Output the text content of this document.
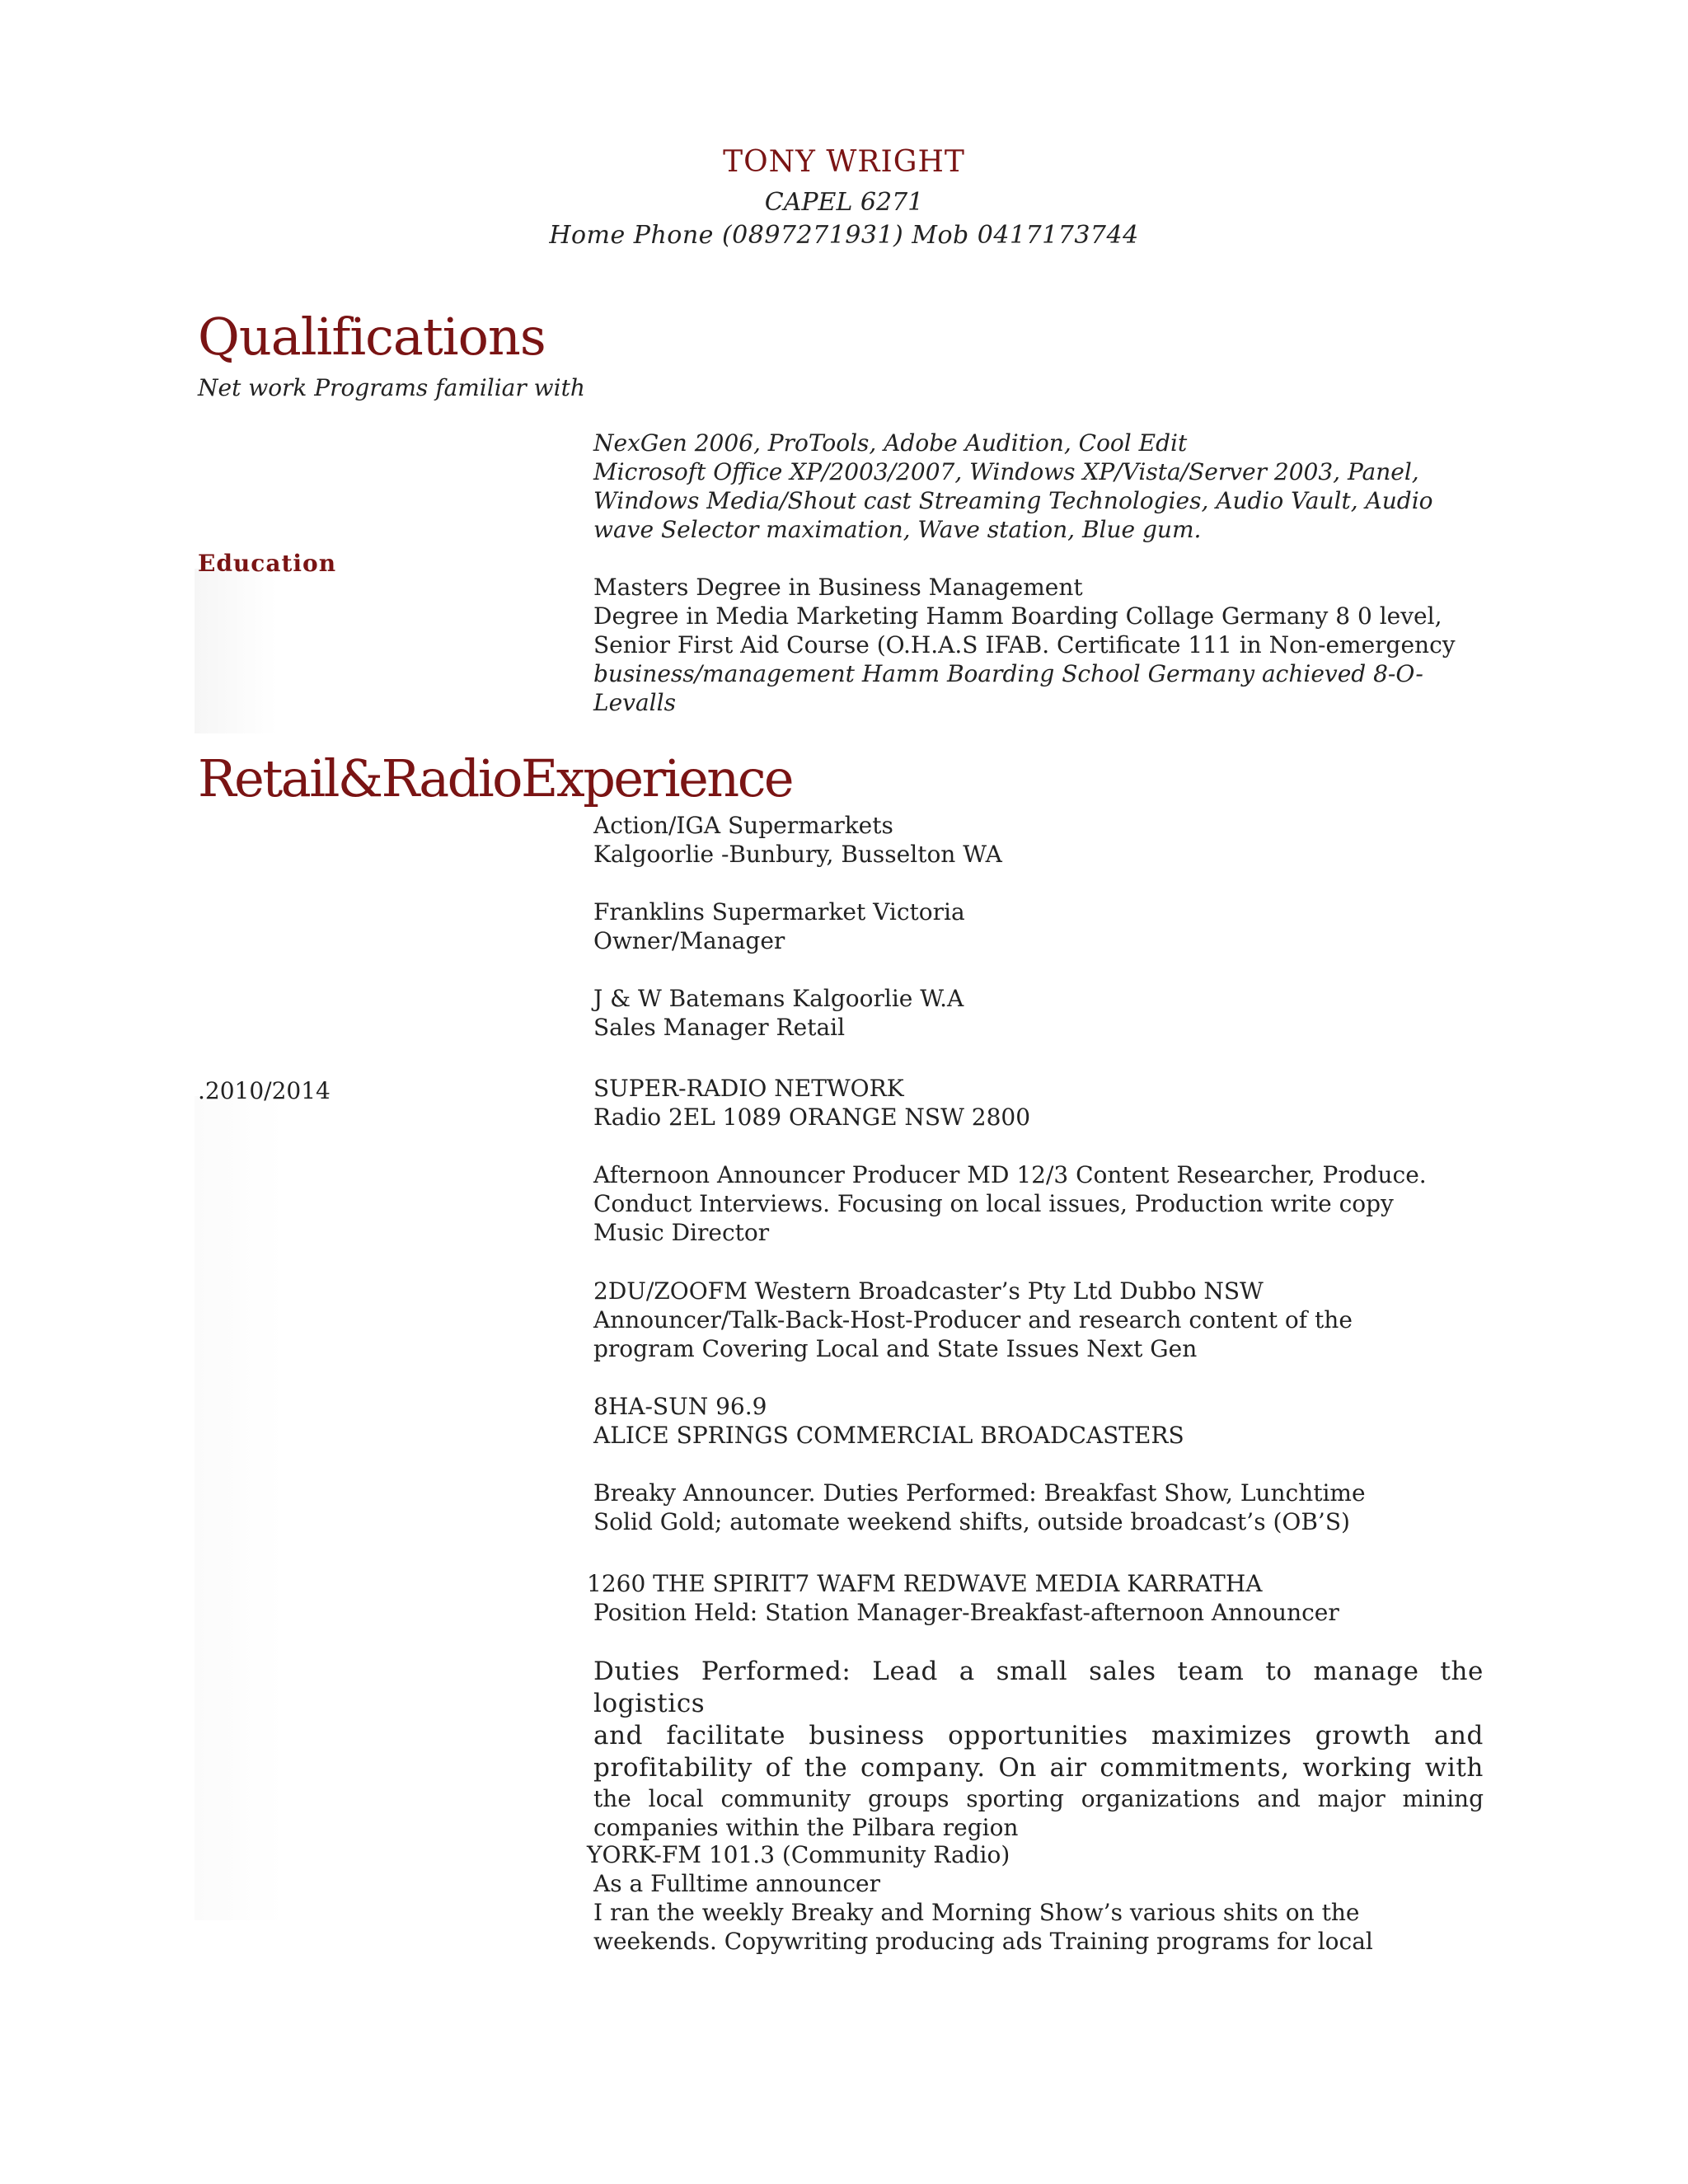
TONY WRIGHT
CAPEL 6271
Home Phone (0897271931) Mob 0417173744
Qualifications
Net work Programs familiar with
NexGen 2006, ProTools, Adobe Audition, Cool Edit
Microsoft Office XP/2003/2007, Windows XP/Vista/Server 2003, Panel,
Windows Media/Shout cast Streaming Technologies, Audio Vault, Audio
wave Selector maximation, Wave station, Blue gum.
Education
Masters Degree in Business Management
Degree in Media Marketing Hamm Boarding Collage Germany 8 0 level,
Senior First Aid Course (O.H.A.S IFAB. Certificate 111 in Non-emergency
business/management Hamm Boarding School Germany achieved 8-O-
Levalls
Retail&RadioExperience
.2010/2014
Action/IGA Supermarkets
Kalgoorlie -Bunbury, Busselton WA
Franklins Supermarket Victoria
Owner/Manager
J & W Batemans Kalgoorlie W.A
Sales Manager Retail
SUPER-RADIO NETWORK
Radio 2EL 1089 ORANGE NSW 2800
Afternoon Announcer Producer MD 12/3 Content Researcher, Produce.
Conduct Interviews. Focusing on local issues, Production write copy
Music Director
2DU/ZOOFM Western Broadcaster’s Pty Ltd Dubbo NSW
Announcer/Talk-Back-Host-Producer and research content of the
program Covering Local and State Issues Next Gen
8HA-SUN 96.9
ALICE SPRINGS COMMERCIAL BROADCASTERS
Breaky Announcer. Duties Performed: Breakfast Show, Lunchtime
Solid Gold; automate weekend shifts, outside broadcast’s (OB’S)
1260 THE SPIRIT7 WAFM REDWAVE MEDIA KARRATHA
Position Held: Station Manager-Breakfast-afternoon Announcer
Duties Performed: Lead a small sales team to manage the logistics
and facilitate business opportunities maximizes growth and
profitability of the company. On air commitments, working with
the local community groups sporting organizations and major mining
companies within the Pilbara region
YORK-FM 101.3 (Community Radio)
As a Fulltime announcer
I ran the weekly Breaky and Morning Show’s various shits on the
weekends. Copywriting producing ads Training programs for local
